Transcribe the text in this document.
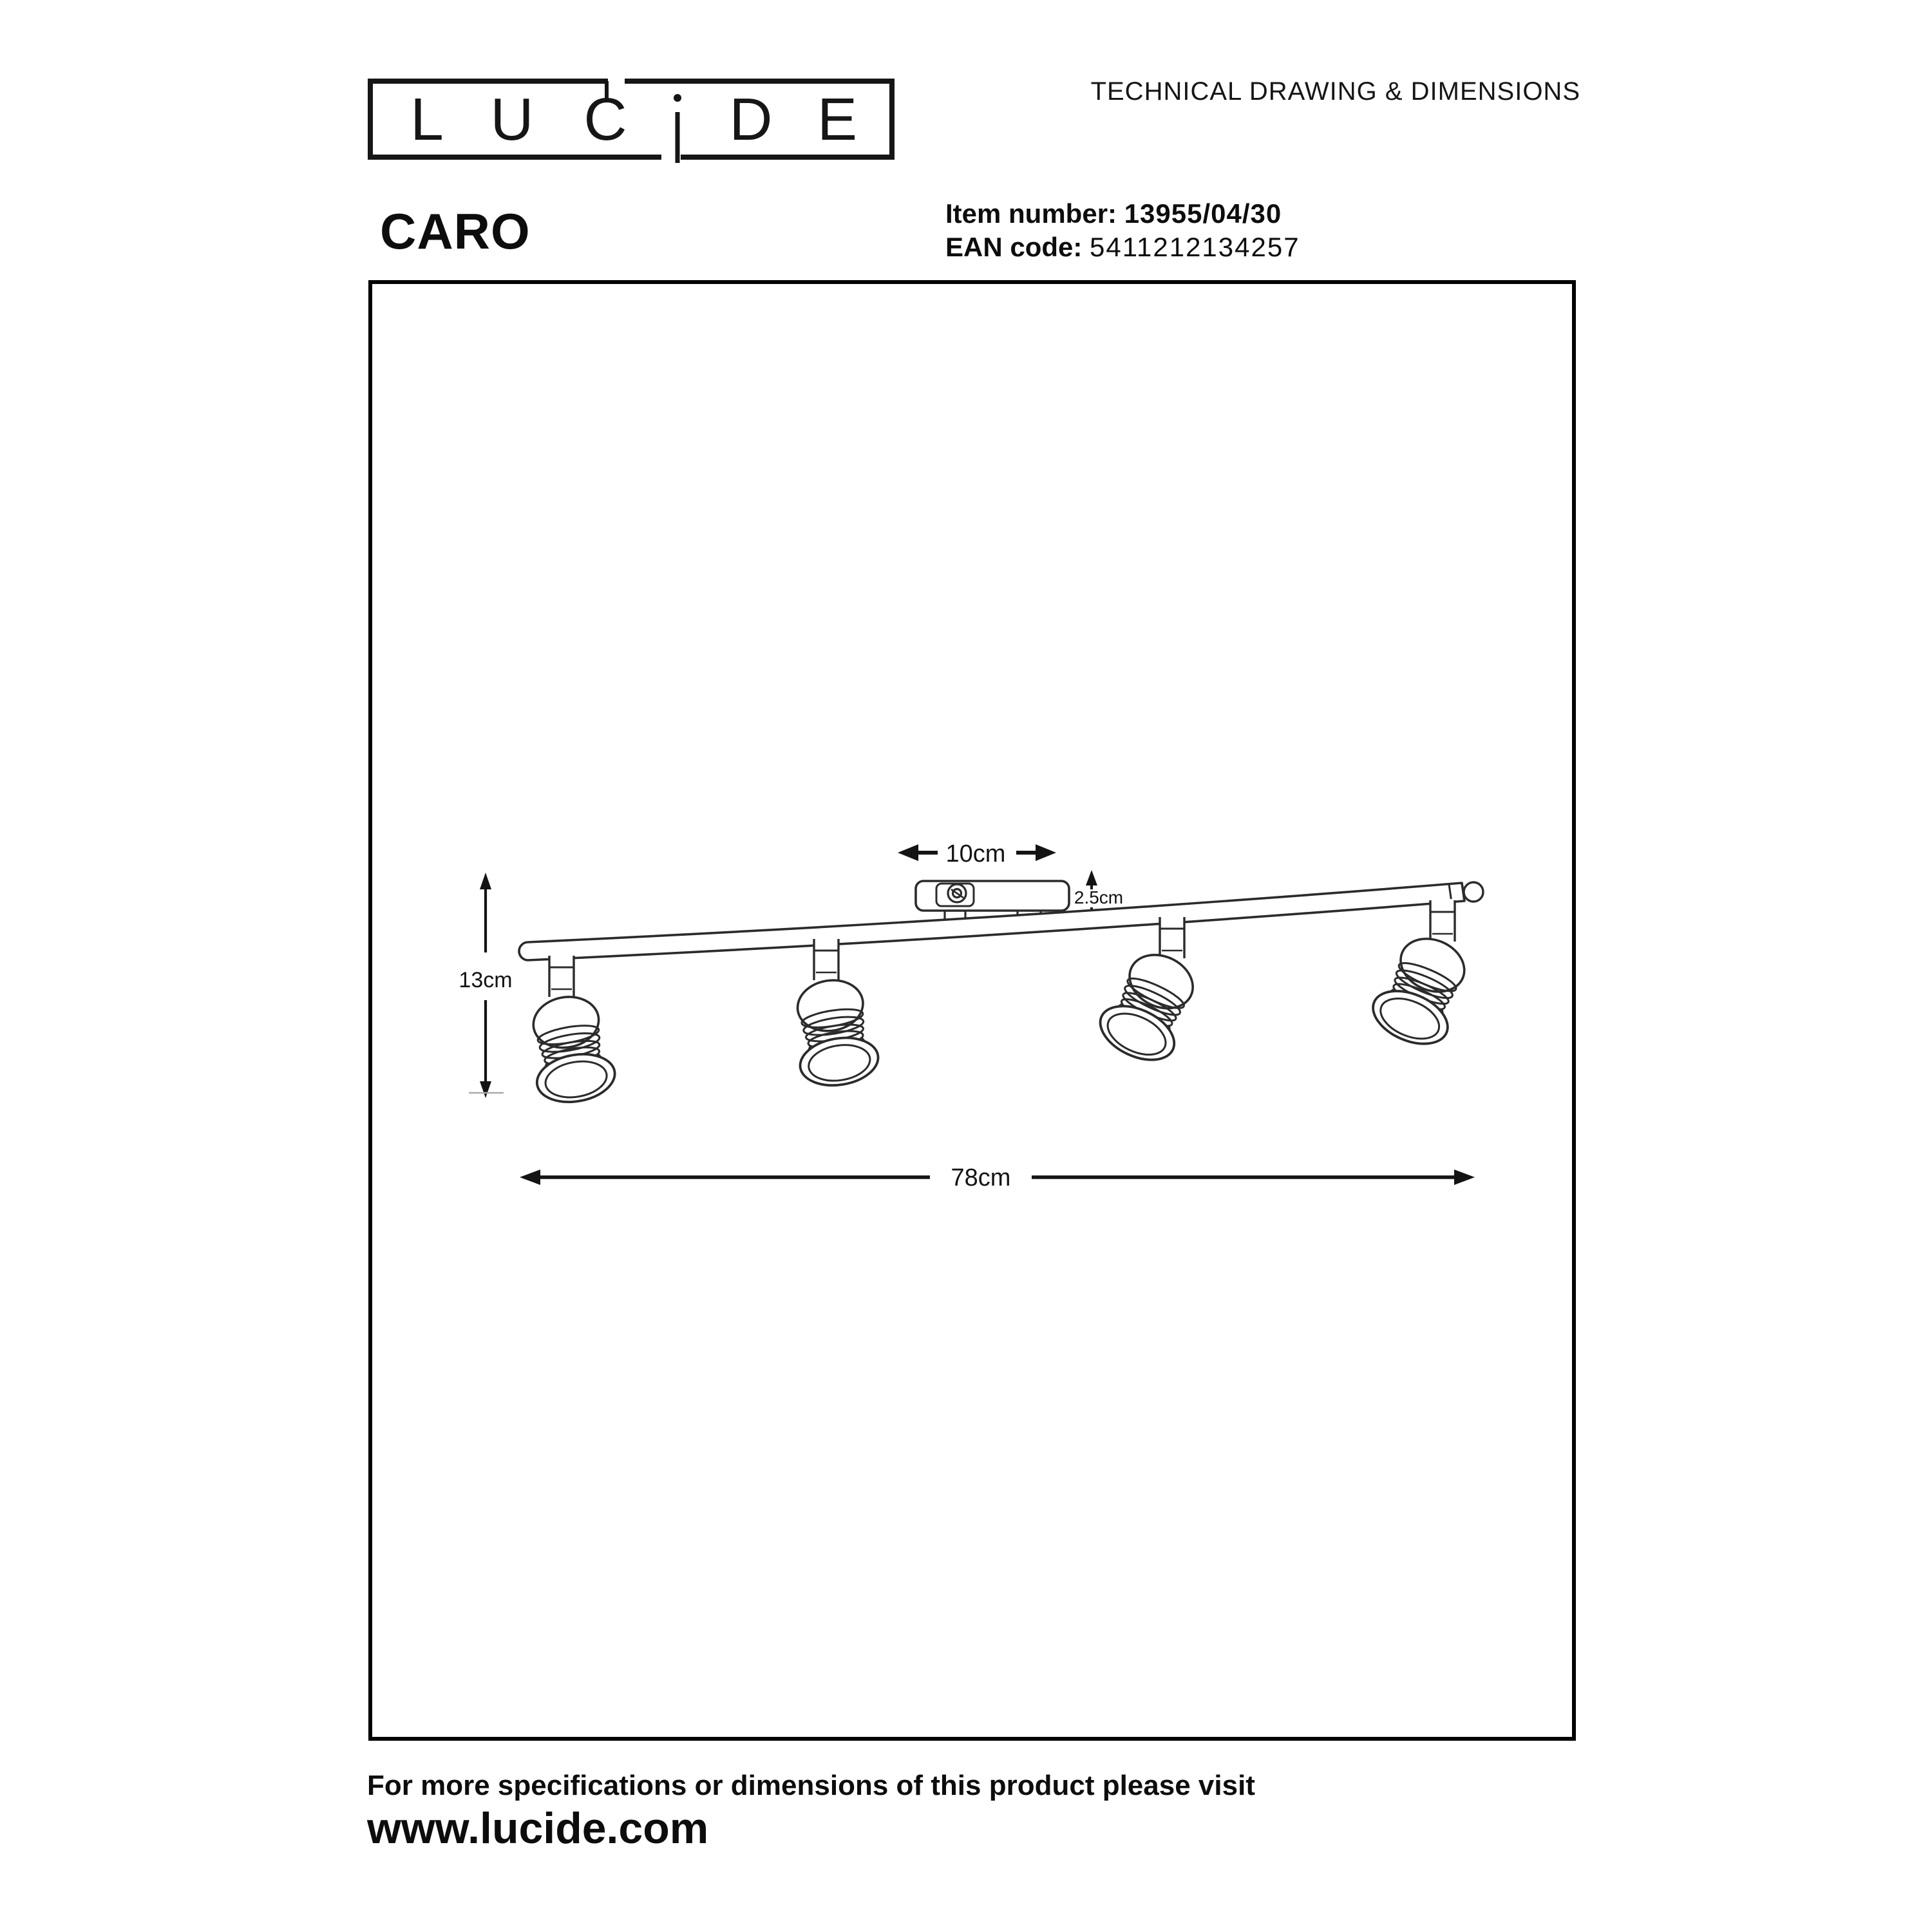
L U C D E	TECHNICAL DRAWING & DIMENSIONS
CARO	Item number: 13955/04/30
EAN code: 5411212134257
10cm
2.5cm
13cm
78cm
For more specifications or dimensions of this product please visit
www.lucide.com
